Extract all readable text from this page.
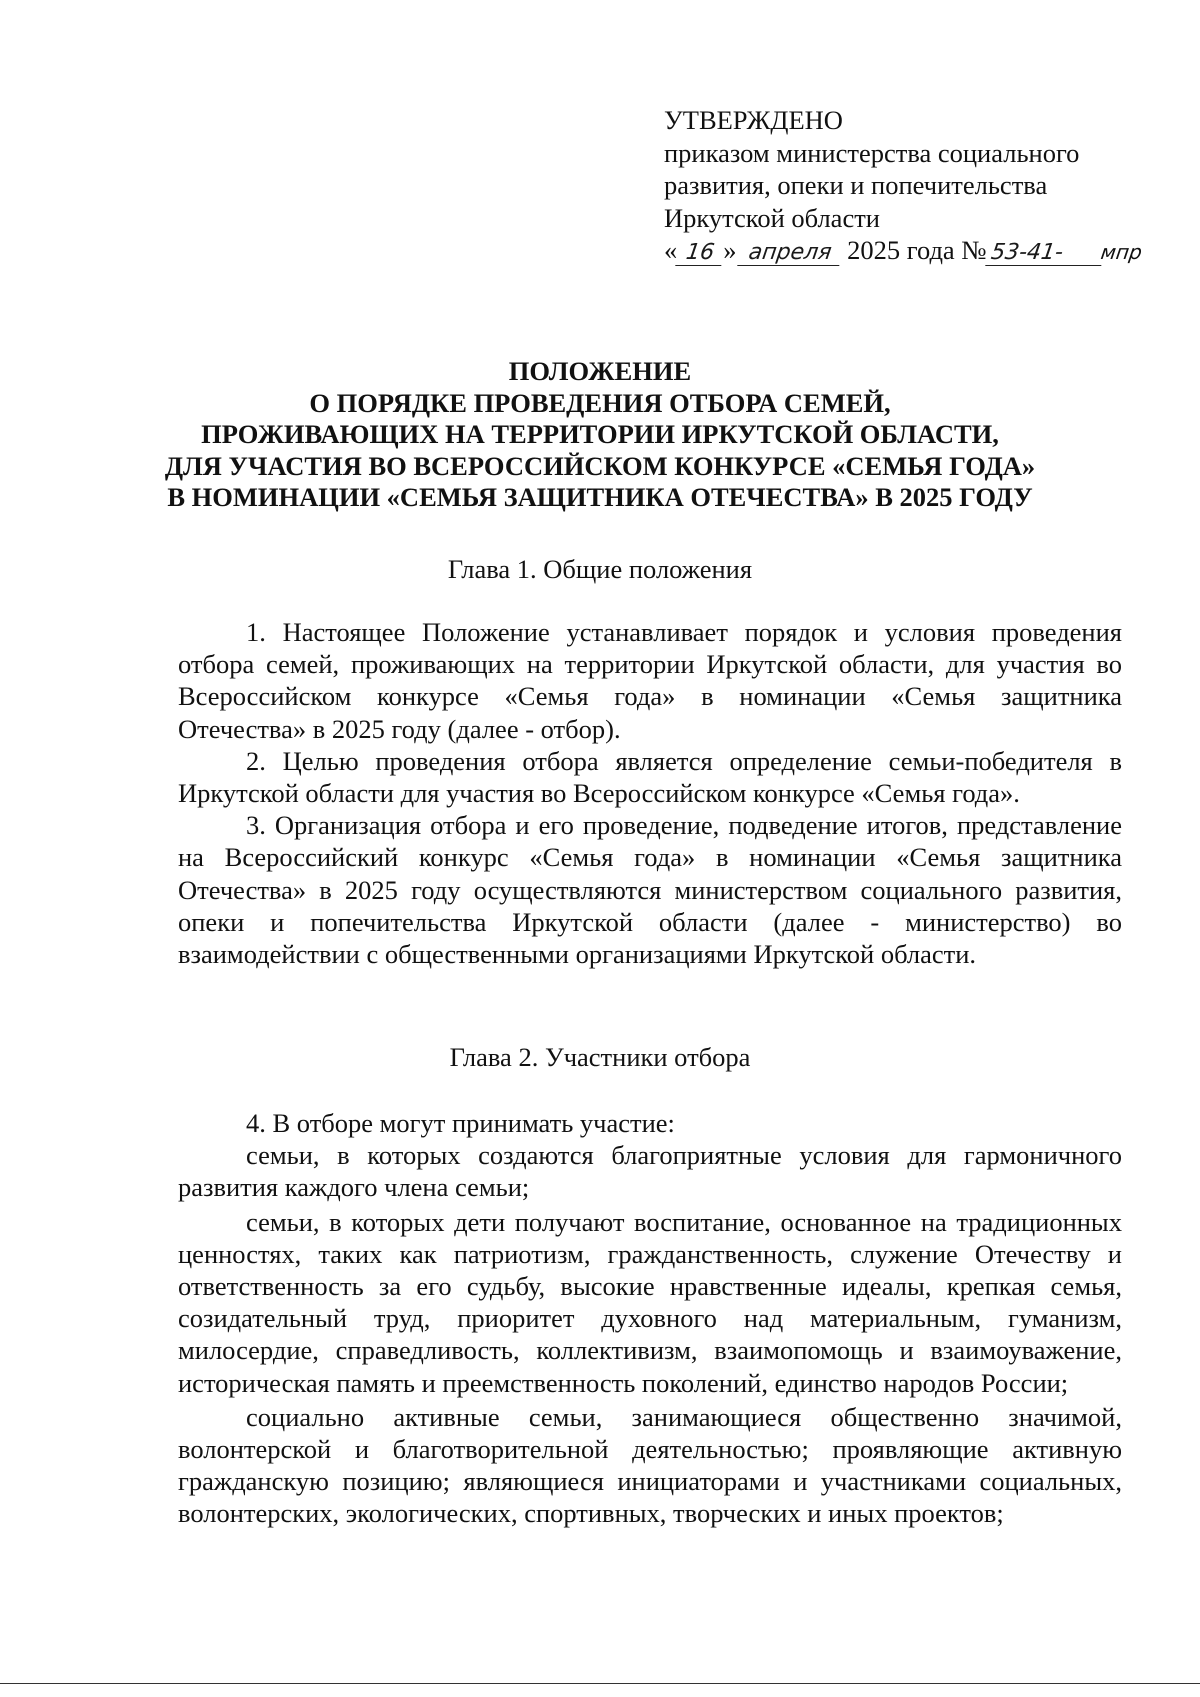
УТВЕРЖДЕНО
приказом министерства социального
развития, опеки и попечительства
Иркутской области
« 16 » апреля 2025 года № 53-41- мпр
ПОЛОЖЕНИЕ
О ПОРЯДКЕ ПРОВЕДЕНИЯ ОТБОРА СЕМЕЙ,
ПРОЖИВАЮЩИХ НА ТЕРРИТОРИИ ИРКУТСКОЙ ОБЛАСТИ,
ДЛЯ УЧАСТИЯ ВО ВСЕРОССИЙСКОМ КОНКУРСЕ «СЕМЬЯ ГОДА»
В НОМИНАЦИИ «СЕМЬЯ ЗАЩИТНИКА ОТЕЧЕСТВА» В 2025 ГОДУ
Глава 1. Общие положения

1. Настоящее Положение устанавливает порядок и условия проведения отбора семей, проживающих на территории Иркутской области, для участия во Всероссийском конкурсе «Семья года» в номинации «Семья защитника Отечества» в 2025 году (далее - отбор).

2. Целью проведения отбора является определение семьи-победителя в Иркутской области для участия во Всероссийском конкурсе «Семья года».

3. Организация отбора и его проведение, подведение итогов, представление на Всероссийский конкурс «Семья года» в номинации «Семья защитника Отечества» в 2025 году осуществляются министерством социального развития, опеки и попечительства Иркутской области (далее - министерство) во взаимодействии с общественными организациями Иркутской области.

Глава 2. Участники отбора

4. В отборе могут принимать участие:

семьи, в которых создаются благоприятные условия для гармоничного развития каждого члена семьи;

семьи, в которых дети получают воспитание, основанное на традиционных ценностях, таких как патриотизм, гражданственность, служение Отечеству и ответственность за его судьбу, высокие нравственные идеалы, крепкая семья, созидательный труд, приоритет духовного над материальным, гуманизм, милосердие, справедливость, коллективизм, взаимопомощь и взаимоуважение, историческая память и преемственность поколений, единство народов России;

социально активные семьи, занимающиеся общественно значимой, волонтерской и благотворительной деятельностью; проявляющие активную гражданскую позицию; являющиеся инициаторами и участниками социальных, волонтерских, экологических, спортивных, творческих и иных проектов;
